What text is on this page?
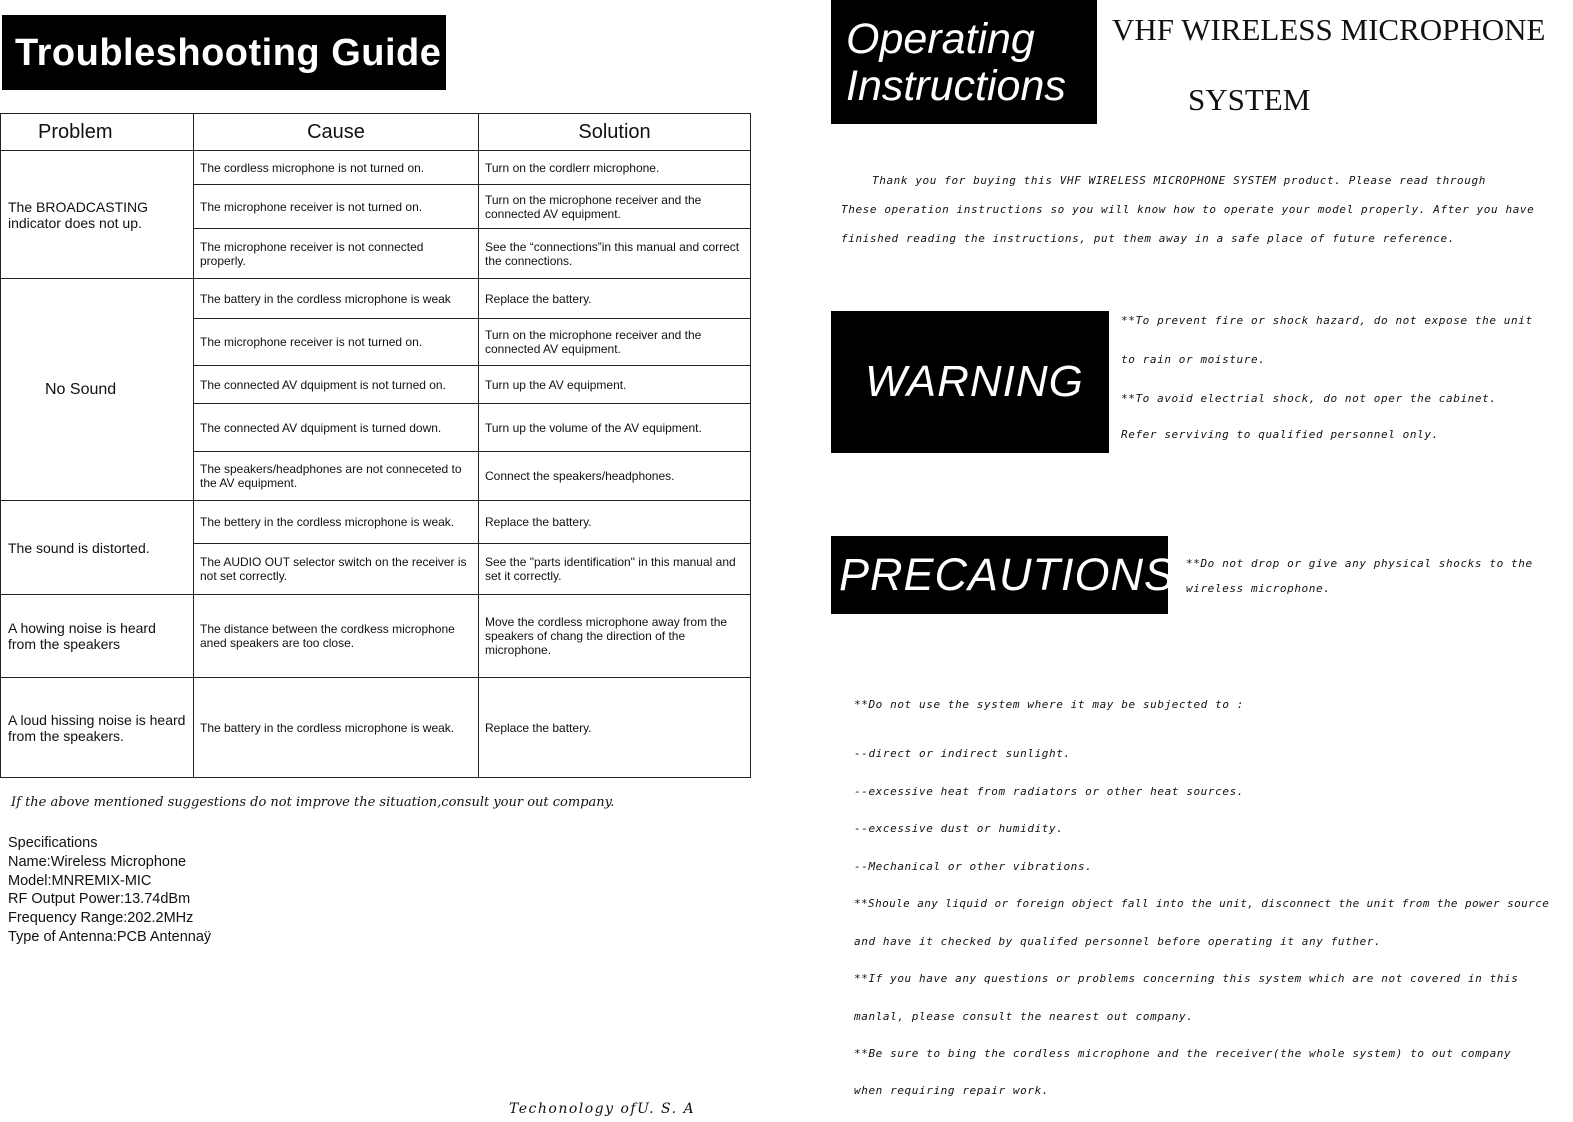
Troubleshooting Guide
Problem	Cause	Solution
The BROADCASTING indicator does not up.	The cordless microphone is not turned on.	Turn on the cordlerr microphone.
	The microphone receiver is not turned on.	Turn on the microphone receiver and the connected AV equipment.
	The microphone receiver is not connected properly.	See the “connections”in this manual and correct the connections.
No Sound	The battery in the cordless microphone is weak	Replace the battery.
	The microphone receiver is not turned on.	Turn on the microphone receiver and the connected AV equipment.
	The connected AV dquipment is not turned on.	Turn up the AV equipment.
	The connected AV dquipment is turned down.	Turn up the volume of the AV equipment.
	The speakers/headphones are not conneceted to the AV equipment.	Connect the speakers/headphones.
The sound is distorted.	The bettery in the cordless microphone is weak.	Replace the battery.
	The AUDIO OUT selector switch on the receiver is not set correctly.	See the "parts identification" in this manual and set it correctly.
A howing noise is heard from the speakers	The distance between the cordkess microphone aned speakers are too close.	Move the cordless microphone away from the speakers of chang the direction of the microphone.
A loud hissing noise is heard from the speakers.	The battery in the cordless microphone is weak.	Replace the battery.
If the above mentioned suggestions do not improve the situation,consult your out company.
Specifications
Name:Wireless Microphone
Model:MNREMIX-MIC
RF Output Power:13.74dBm
Frequency Range:202.2MHz
Type of Antenna:PCB Antennaÿ
Techonology ofU. S. A
Operating
Instructions
VHF WIRELESS MICROPHONE
SYSTEM
Thank you for buying this VHF WIRELESS MICROPHONE SYSTEM product. Please read through
These operation instructions so you will know how to operate your model properly. After you have
finished reading the instructions, put them away in a safe place of future reference.
WARNING
**To prevent fire or shock hazard, do not expose the unit
to rain or moisture.
**To avoid electrial shock, do not oper the cabinet.
Refer serviving to qualified personnel only.
PRECAUTIONS **Do not drop or give any physical shocks to the
wireless microphone.
**Do not use the system where it may be subjected to :
--direct or indirect sunlight.
--excessive heat from radiators or other heat sources.
--excessive dust or humidity.
--Mechanical or other vibrations.
**Shoule any liquid or foreign object fall into the unit, disconnect the unit from the power source
and have it checked by qualifed personnel before operating it any futher.
**If you have any questions or problems concerning this system which are not covered in this
manlal, please consult the nearest out company.
**Be sure to bing the cordless microphone and the receiver(the whole system) to out company
when requiring repair work.
